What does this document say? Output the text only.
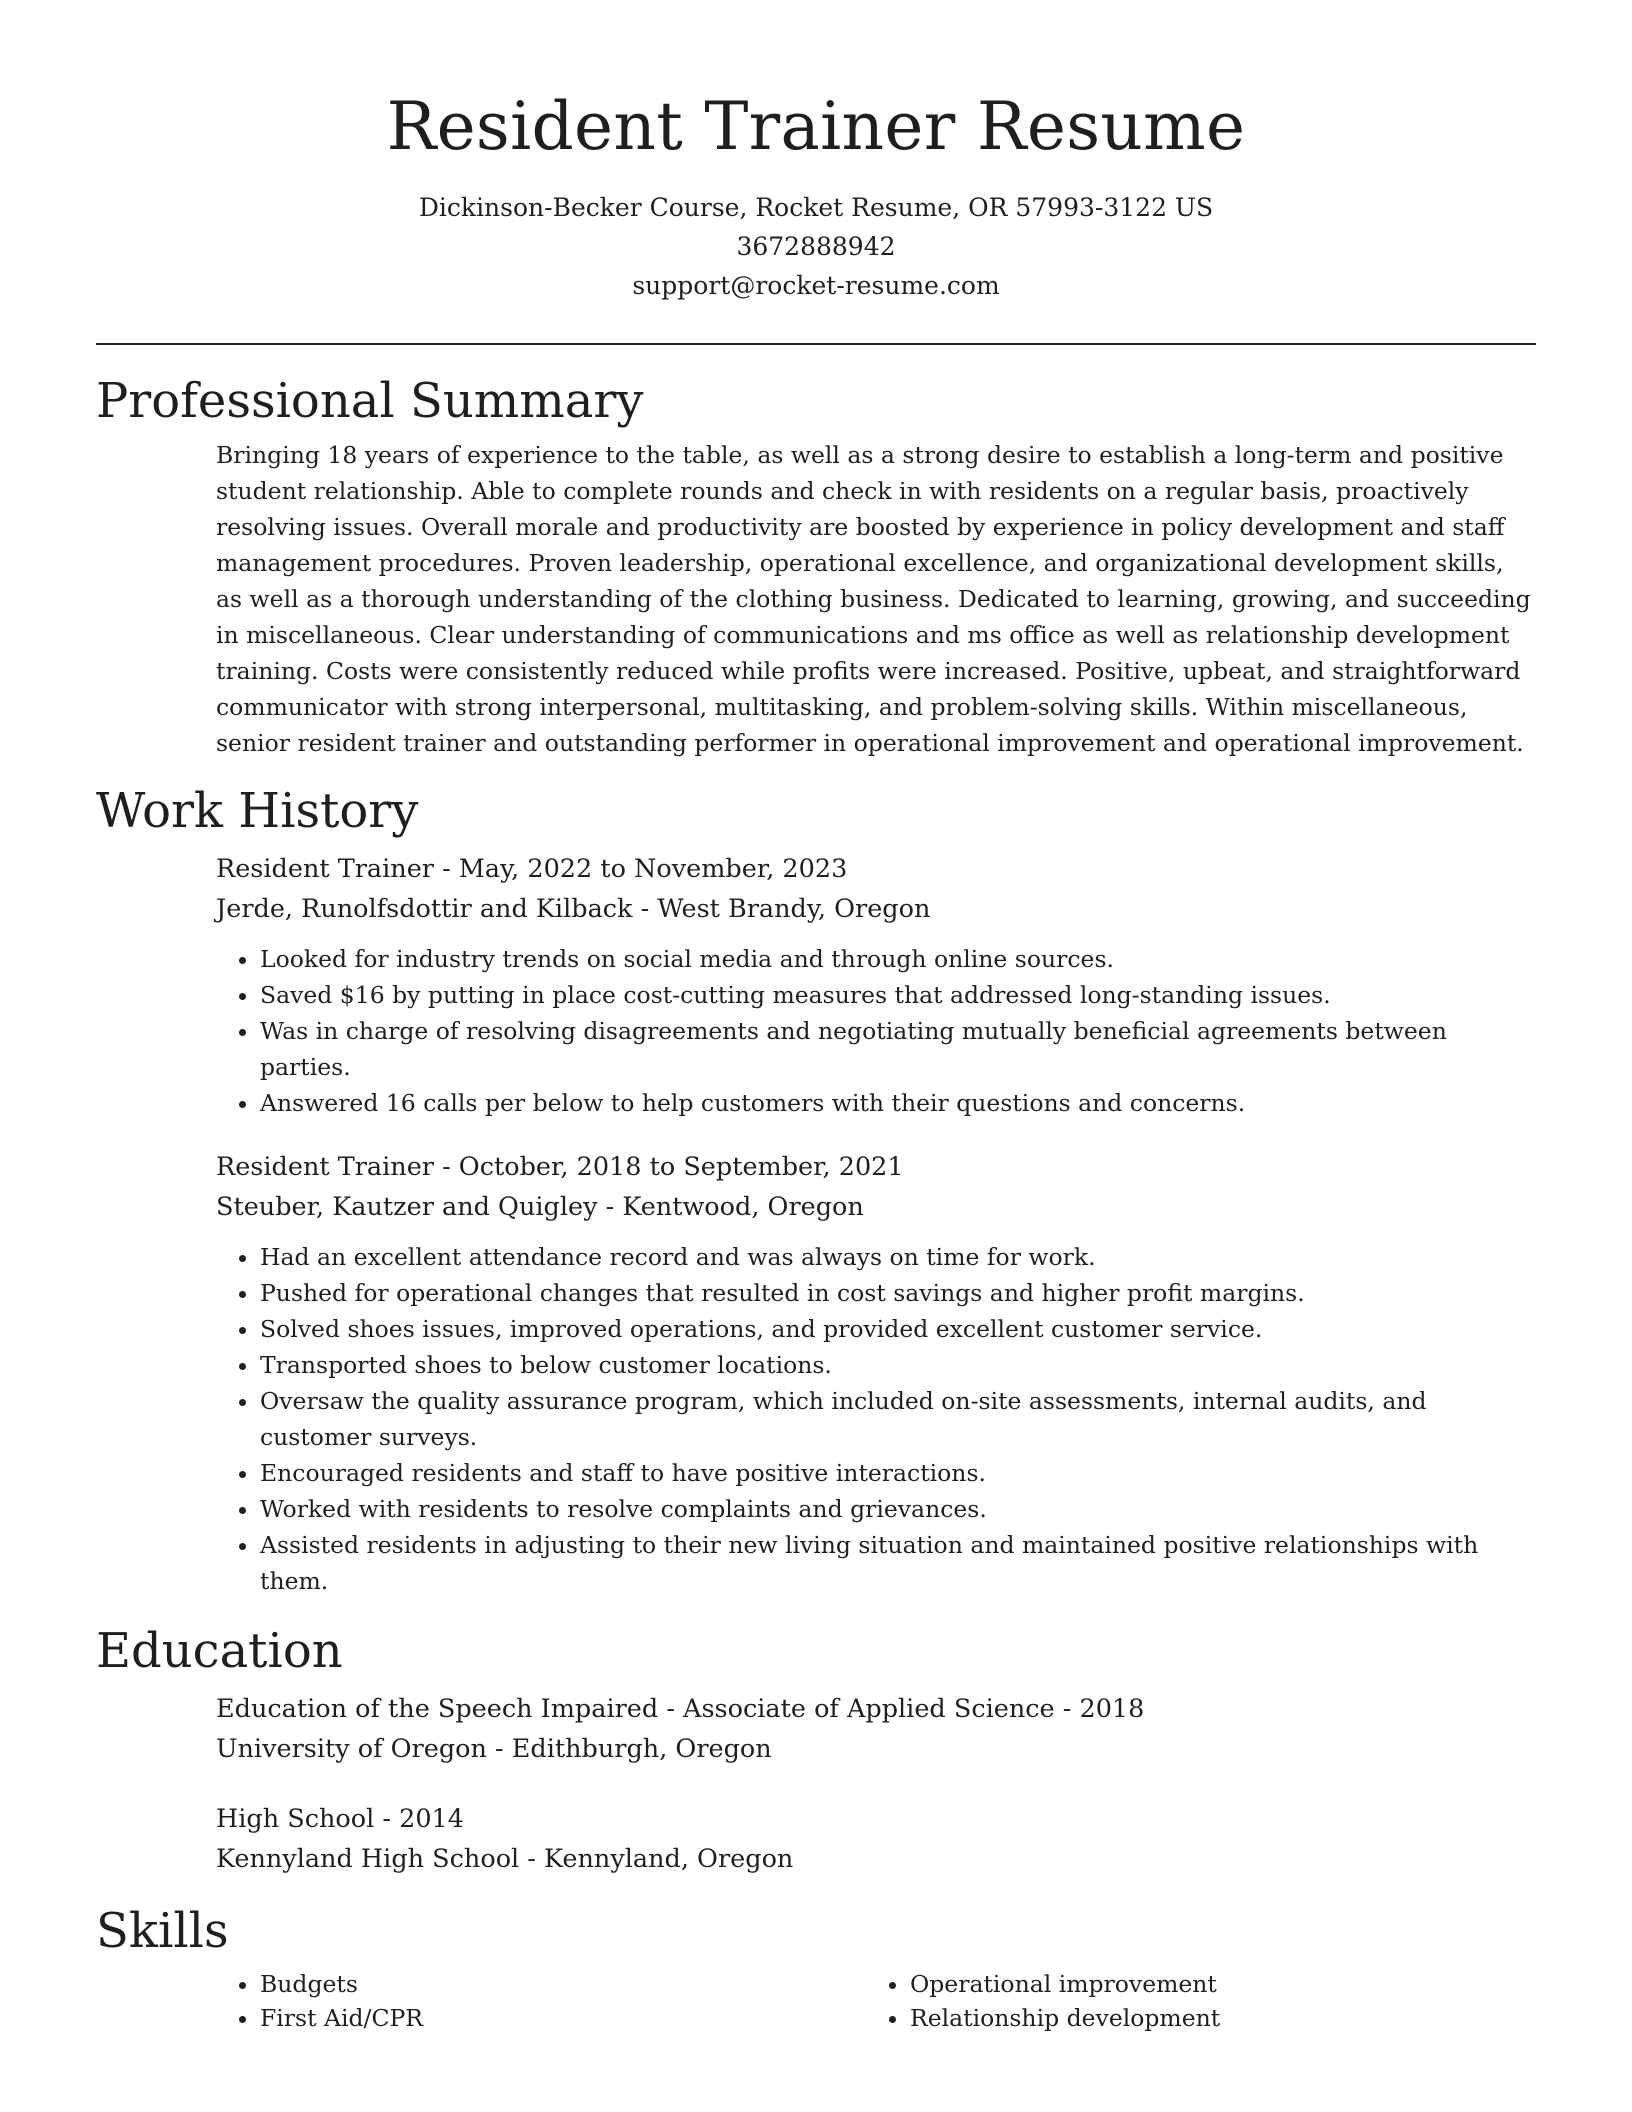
Resident Trainer Resume

Dickinson-Becker Course, Rocket Resume, OR 57993-3122 US

3672888942

support@rocket-resume.com

Professional Summary

Bringing 18 years of experience to the table, as well as a strong desire to establish a long-term and positive student relationship. Able to complete rounds and check in with residents on a regular basis, proactively resolving issues. Overall morale and productivity are boosted by experience in policy development and staff management procedures. Proven leadership, operational excellence, and organizational development skills, as well as a thorough understanding of the clothing business. Dedicated to learning, growing, and succeeding in miscellaneous. Clear understanding of communications and ms office as well as relationship development training. Costs were consistently reduced while profits were increased. Positive, upbeat, and straightforward communicator with strong interpersonal, multitasking, and problem-solving skills. Within miscellaneous, senior resident trainer and outstanding performer in operational improvement and operational improvement.

Work History

Resident Trainer - May, 2022 to November, 2023

Jerde, Runolfsdottir and Kilback - West Brandy, Oregon

• Looked for industry trends on social media and through online sources.
• Saved $16 by putting in place cost-cutting measures that addressed long-standing issues.
• Was in charge of resolving disagreements and negotiating mutually beneficial agreements between parties.
• Answered 16 calls per below to help customers with their questions and concerns.

Resident Trainer - October, 2018 to September, 2021

Steuber, Kautzer and Quigley - Kentwood, Oregon

• Had an excellent attendance record and was always on time for work.
• Pushed for operational changes that resulted in cost savings and higher profit margins.
• Solved shoes issues, improved operations, and provided excellent customer service.
• Transported shoes to below customer locations.
• Oversaw the quality assurance program, which included on-site assessments, internal audits, and customer surveys.
• Encouraged residents and staff to have positive interactions.
• Worked with residents to resolve complaints and grievances.
• Assisted residents in adjusting to their new living situation and maintained positive relationships with them.
Education

Education of the Speech Impaired - Associate of Applied Science - 2018

University of Oregon - Edithburgh, Oregon

High School - 2014

Kennyland High School - Kennyland, Oregon

Skills
• Budgets
• First Aid/CPR
• Operational improvement
• Relationship development
